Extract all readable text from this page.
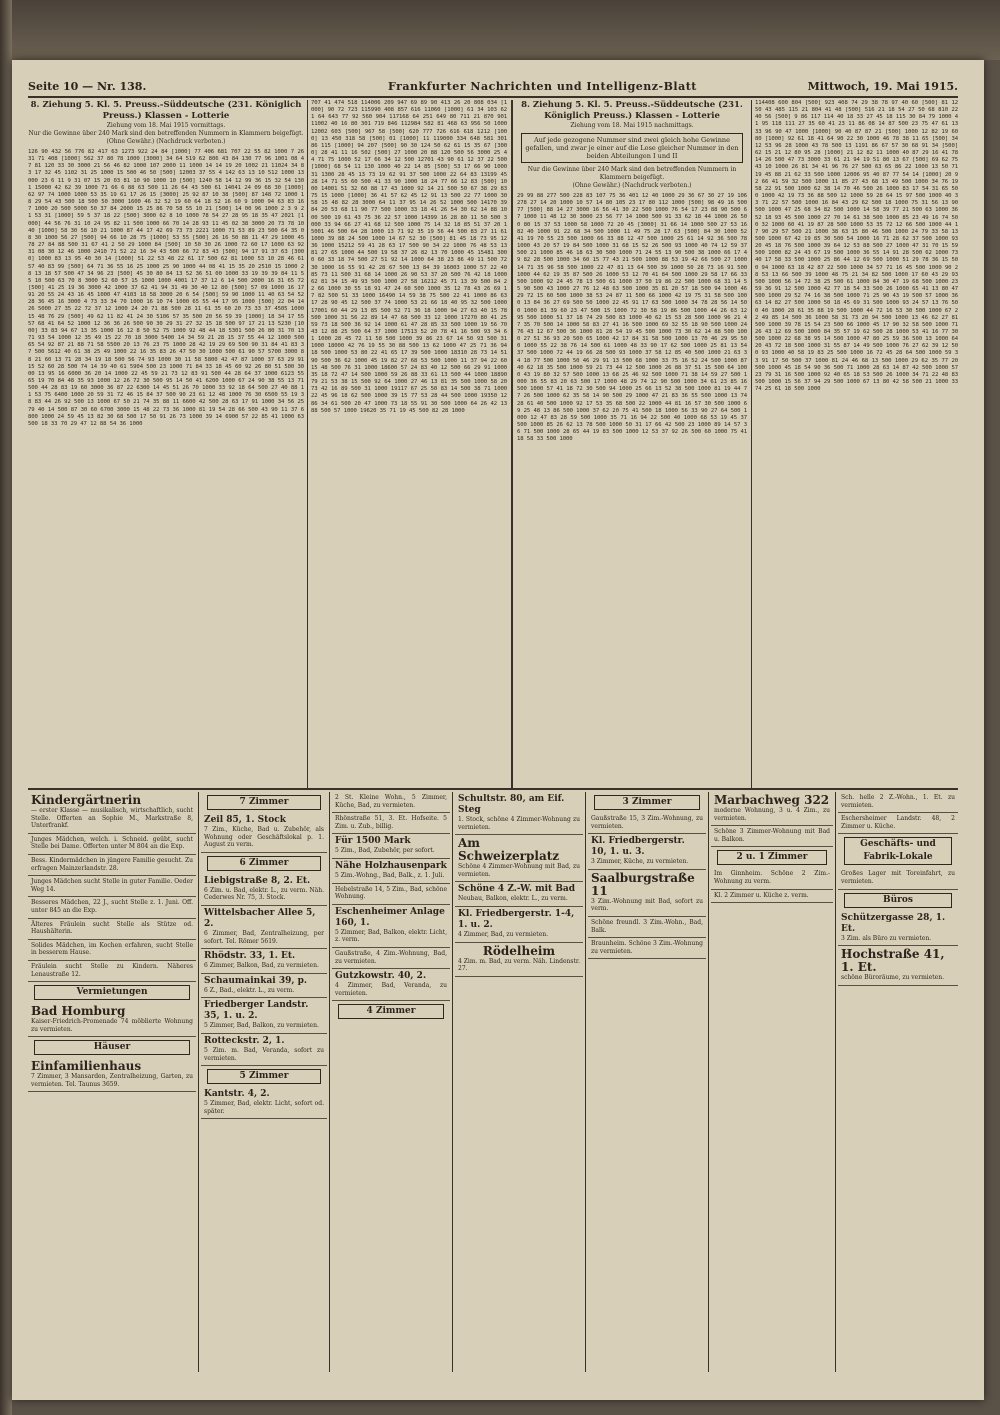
Seite 10 — Nr. 138.	Frankfurter Nachrichten und Intelligenz-Blatt	Mittwoch, 19. Mai 1915.
8. Ziehung 5. Kl. 5. Preuss.-Süddeutsche (231. Königlich Preuss.) Klassen - Lotterie
Ziehung vom 18. Mai 1915 vormittags.
Nur die Gewinne über 240 Mark sind den betreffenden Nummern in Klammern beigefügt.
(Ohne Gewähr.) (Nachdruck verboten.)
126 90 432 56 776 82 417 63 1273 922 24 84 [1000] 77 406 681 707 22 55 82 1000 7 26 31 71 408 [1000] 562 37 80 78 1000 [3000] 34 64 519 62 806 43 84 130 77 96 1001 08 47 81 120 33 30 3000 21 56 46 82 1000 107 2000 11 1000 14 14 19 20 1002 21 11024 34 83 17 32 45 1102 31 25 1000 15 500 46 50 [500] 12003 37 55 4 142 63 13 10 512 1000 13000 23 6 11 9 31 07 15 20 03 81 10 90 1000 10 [500] 1240 58 14 12 99 36 15 32 54 1301 15000 42 62 39 1000 71 66 6 88 63 500 11 26 64 43 500 61 14041 24 09 68 30 [1000] 62 97 74 1000 1000 53 35 19 61 17 26 15 [3000] 25 92 87 10 38 [500] 87 148 72 1000 18 29 54 43 500 18 500 50 3000 1600 46 32 52 19 60 64 18 52 16 60 9 1000 94 63 83 16 7 1000 20 500 5000 50 37 84 2000 15 25 86 70 58 55 10 21 [500] 14 00 96 1000 2 3 9 21 53 31 [1000] 59 5 37 18 22 [500] 3000 62 8 10 1000 78 54 27 28 95 18 35 47 2021 [1000] 44 56 76 31 10 24 95 82 11 500 1000 66 70 14 28 93 11 45 02 38 3000 20 73 78 10 40 [1000] 58 30 58 10 21 1000 87 44 17 42 69 73 73 2221 1000 71 53 89 23 500 64 35 08 30 1000 56 27 [500] 94 66 10 28 75 [1000] 53 55 [500] 26 16 50 88 11 47 29 1000 45 78 27 84 88 500 31 67 41 2 50 29 1000 84 [500] 10 50 30 26 1000 72 60 17 1000 63 92 31 08 30 12 46 1000 2410 71 52 22 16 34 43 500 66 72 83 43 [500] 94 17 91 37 63 [3000] 1000 83 13 95 40 30 14 [1000] 51 22 53 48 22 61 17 500 62 81 1000 53 10 28 46 61 57 40 83 99 [500] 64 71 36 55 16 25 1000 25 90 1000 44 08 41 15 35 20 2510 15 1000 28 13 18 57 500 47 34 96 23 [500] 45 30 80 84 13 52 36 51 00 1000 33 19 39 39 84 11 55 10 500 63 70 8 3000 52 60 57 15 1000 1000 4001 17 37 12 6 14 500 2000 16 31 65 72 [500] 41 25 19 36 3000 42 1000 37 62 41 94 31 49 30 40 12 80 [500] 57 09 1000 16 17 91 20 55 24 43 16 45 1000 47 4103 18 58 3000 20 6 54 [500] 59 90 1000 11 40 63 54 52 28 36 45 16 3000 4 73 33 34 70 1000 16 10 74 1000 65 55 44 17 95 1000 [500] 22 04 14 26 5000 27 35 22 72 37 12 1000 24 20 71 88 500 28 11 61 35 60 20 73 33 37 4505 1000 15 48 76 29 [500] 49 62 11 82 41 24 30 5106 57 35 500 20 56 59 39 [1000] 18 34 17 55 57 68 41 64 52 1000 12 36 36 26 500 90 30 29 31 27 32 15 18 500 97 17 21 13 5230 [1000] 33 83 94 67 13 35 1000 16 12 8 50 52 75 1000 92 48 44 18 5301 500 26 80 31 70 13 71 93 54 1000 12 35 49 15 22 70 18 3000 5400 14 34 59 21 28 15 37 55 44 12 1000 500 65 54 92 87 21 88 71 58 5500 20 13 76 23 75 1000 28 42 19 29 69 500 90 31 84 41 83 37 500 5612 40 61 38 25 49 1000 22 16 35 83 26 47 50 30 1000 500 61 90 57 5700 3000 88 21 60 13 71 28 34 19 18 500 56 74 93 1000 30 11 58 5800 42 47 87 1000 37 63 29 91 15 52 60 28 500 74 14 39 40 61 5904 500 23 1000 71 84 33 18 45 60 92 26 80 51 500 3000 13 95 16 6000 36 20 14 1000 22 45 59 21 73 12 83 91 500 44 28 64 37 1000 6123 55 65 19 70 84 48 35 93 1000 12 26 72 30 500 95 14 50 41 6200 1000 67 24 90 38 55 13 71 500 44 28 83 19 60 3000 36 87 22 6300 14 45 51 26 70 1000 33 92 18 64 500 27 40 88 11 53 75 6400 1000 20 59 31 72 46 15 84 37 500 90 23 61 12 48 1000 76 30 6500 55 19 38 83 44 26 92 500 13 1000 67 50 21 74 35 88 11 6600 42 500 28 63 17 91 1000 34 56 25 79 40 14 500 87 30 60 6700 3000 15 48 22 73 36 1000 81 19 54 28 66 500 43 90 11 37 6800 1000 24 59 45 13 82 30 68 500 17 50 91 26 73 1000 39 14 6900 57 22 85 41 1000 63 500 18 33 70 29 47 12 88 54 36 1000
707 41 474 518 114006 209 947 69 89 90 413 26 20 808 034 [1000] 90 72 723 115990 408 857 616 11060 [1000] 61 34 103 621 64 643 77 92 560 904 117168 64 251 649 80 711 21 870 901 11002 40 16 80 301 719 846 112984 582 81 468 63 956 50 1000 12002 603 [500] 967 58 [500] 620 777 726 616 618 1212 [1000] 13 450 318 58 [500] 01 [1000] 11 119000 334 648 581 301 86 115 [1000] 94 207 [500] 90 30 124 50 62 61 15 35 67 [3000] 28 41 11 16 502 [500] 27 1000 20 88 120 500 56 3000 25 44 71 75 1000 52 17 66 34 12 500 12701 43 90 61 12 37 22 500 [1000] 68 54 11 130 1000 40 22 14 85 [500] 53 17 66 90 1000 31 1300 28 45 13 73 19 62 91 37 500 1000 22 64 83 13199 45 28 14 71 55 60 500 41 33 90 1000 18 24 77 66 12 83 [500] 1000 14001 51 32 60 88 17 43 1000 92 14 21 500 50 67 38 29 83 75 15 1000 [1000] 36 41 57 62 45 12 91 13 500 22 77 1000 30 58 15 48 82 28 3000 64 11 37 95 14 26 52 1000 500 14170 39 84 20 53 68 11 90 77 500 1000 33 18 41 26 54 30 62 14 88 1000 500 19 61 43 75 36 22 57 1000 14399 16 28 80 11 50 500 3000 33 94 66 27 41 68 12 500 1000 75 14 32 18 85 51 37 20 15001 46 500 64 28 1000 13 71 92 35 19 56 44 500 83 27 11 61 1000 39 88 24 500 1000 14 67 52 30 [500] 81 45 18 73 95 12 36 1000 15212 59 41 28 63 17 500 90 34 22 1000 76 48 53 13 81 27 65 1000 44 500 19 58 37 26 82 13 70 1000 45 15481 3000 60 33 18 74 500 27 51 92 14 1000 64 38 23 86 49 11 500 72 30 1000 16 55 91 42 28 67 500 13 84 39 16003 1000 57 22 40 85 73 11 500 31 68 14 1000 26 90 53 37 20 500 76 42 18 1000 62 81 34 15 49 93 500 1000 27 58 16212 45 71 13 39 500 84 22 66 1000 30 55 18 91 47 24 60 500 1000 35 12 78 43 26 69 17 82 500 51 33 1000 16490 14 59 38 75 500 22 41 1000 86 63 17 28 90 45 12 500 37 74 1000 53 21 66 18 40 95 32 500 1000 17001 60 44 29 13 85 500 52 71 36 18 1000 94 27 63 40 15 78 500 1000 31 56 22 89 14 47 68 500 33 12 1000 17270 80 41 25 59 73 18 500 36 92 14 1000 61 47 28 85 33 500 1000 19 56 70 43 12 88 25 500 64 37 1000 17513 52 20 78 41 16 500 93 34 61 1000 28 45 72 11 58 500 1000 39 86 23 67 14 50 93 500 31 1000 18000 42 76 19 55 30 88 500 13 62 1000 47 25 71 36 94 18 500 1000 53 80 22 41 65 17 39 500 1000 18310 28 73 14 51 90 500 36 62 1000 45 19 82 27 68 53 500 1000 11 37 94 22 60 15 48 500 76 31 1000 18600 57 24 83 40 12 500 66 29 91 1000 35 18 72 47 14 500 1000 59 26 88 33 61 13 500 44 1000 18890 79 21 53 38 15 500 92 64 1000 27 46 13 81 35 500 1000 58 20 73 42 16 89 500 31 1000 19117 67 25 50 83 14 500 38 71 1000 22 45 96 18 62 500 1000 39 15 77 53 28 44 500 1000 19350 12 86 34 61 500 20 47 1000 73 18 55 91 30 500 1000 64 26 42 13 88 500 57 1000 19620 35 71 19 45 500 82 28 1000
8. Ziehung 5. Kl. 5. Preuss.-Süddeutsche (231. Königlich Preuss.) Klassen - Lotterie
Ziehung vom 18. Mai 1915 nachmittags.
Auf jede gezogene Nummer sind zwei gleich hohe Gewinne gefallen, und zwar je einer auf die Lose gleicher Nummer in den beiden Abteilungen I und II
Nur die Gewinne über 240 Mark sind den betreffenden Nummern in Klammern beigefügt.
(Ohne Gewähr.) (Nachdruck verboten.)
29 99 88 277 500 228 83 107 75 36 401 12 40 1000 29 36 67 30 27 19 106 278 27 14 20 1000 10 57 14 80 105 23 17 80 112 1000 [500] 98 49 16 500 77 [500] 88 14 27 3000 16 56 41 30 22 500 1000 76 54 17 23 88 90 500 67 1000 11 48 12 30 3000 23 56 77 14 1000 500 91 33 62 18 44 1000 26 500 80 15 37 53 1000 58 1000 72 20 45 [3000] 31 66 14 1000 500 27 53 16 82 40 1000 91 22 68 34 500 1000 11 49 75 28 17 63 [500] 84 30 1000 52 41 19 70 55 23 500 1000 66 33 88 12 47 500 1000 25 61 14 92 36 500 78 1000 43 20 57 19 84 500 1000 31 68 15 52 26 500 93 1000 40 74 12 59 37 500 21 1000 85 46 18 63 30 500 1000 71 24 55 13 90 500 38 1000 66 17 49 82 28 500 1000 34 60 15 77 43 21 500 1000 88 53 19 42 66 500 27 1000 14 71 35 96 58 500 1000 22 47 81 13 64 500 39 1000 50 28 73 16 91 500 1000 44 62 19 35 87 500 26 1000 53 12 70 41 84 500 1000 29 58 17 66 33 500 1000 92 24 45 78 13 500 61 1000 37 50 19 86 22 500 1000 68 31 14 55 90 500 43 1000 27 76 12 48 63 500 1000 35 81 20 57 18 500 94 1000 46 29 72 15 60 500 1000 38 53 24 87 11 500 66 1000 42 19 75 31 58 500 1000 13 84 36 27 69 500 50 1000 22 45 91 17 63 500 1000 34 78 28 56 14 500 1000 81 39 60 23 47 500 15 1000 72 30 58 19 86 500 1000 44 26 63 12 95 500 1000 51 37 18 74 29 500 83 1000 40 62 15 53 28 500 1000 96 21 47 35 70 500 14 1000 58 83 27 41 16 500 1000 69 32 55 18 90 500 1000 24 76 43 12 67 500 36 1000 81 28 54 19 45 500 1000 73 30 62 14 88 500 1000 27 51 36 93 20 500 65 1000 42 17 84 31 58 500 1000 13 70 46 29 95 500 1000 55 22 38 76 14 500 61 1000 48 33 90 17 62 500 1000 25 81 13 54 37 500 1000 72 44 19 66 28 500 93 1000 37 58 12 85 40 500 1000 21 63 34 18 77 500 1000 50 46 29 91 13 500 68 1000 33 75 16 52 24 500 1000 87 40 62 18 35 500 1000 59 21 73 44 12 500 1000 26 88 37 51 15 500 64 1000 43 19 80 32 57 500 1000 13 68 25 46 92 500 1000 71 38 14 59 27 500 1000 36 55 83 20 63 500 17 1000 48 29 74 12 90 500 1000 34 61 23 85 16 500 1000 57 41 18 72 30 500 94 1000 25 66 13 52 38 500 1000 81 19 44 77 26 500 1000 62 35 58 14 90 500 29 1000 47 21 83 36 55 500 1000 13 74 28 61 40 500 1000 92 17 53 35 68 500 22 1000 44 81 16 57 30 500 1000 69 25 48 13 86 500 1000 37 62 20 75 41 500 18 1000 56 33 90 27 64 500 1000 12 47 83 28 59 500 1000 35 71 16 94 22 500 40 1000 68 53 19 45 37 500 1000 85 26 62 13 78 500 1000 50 31 17 66 42 500 23 1000 89 14 57 36 71 500 1000 28 65 44 19 83 500 1000 12 53 37 92 26 500 60 1000 75 41 18 58 33 500 1000
114408 600 804 [500] 923 408 74 29 38 78 97 40 60 [500] 81 12 50 43 485 115 21 804 41 48 [500] 516 21 18 54 27 50 68 810 22 40 56 [500] 9 86 117 114 40 18 33 27 45 18 115 30 84 79 1000 41 95 118 111 27 35 60 41 23 11 86 08 14 87 500 23 75 47 61 13 33 96 90 47 1000 [1000] 90 40 87 87 21 [500] 1000 12 82 19 60 80 [1000] 92 61 18 41 64 90 22 30 1000 46 78 38 11 65 [500] 34 12 53 96 28 1000 43 78 500 13 1191 86 67 57 30 68 91 34 [500] 62 15 21 12 80 95 28 [1000] 21 12 82 11 1000 40 87 29 16 41 78 14 26 500 47 73 3000 33 61 21 94 19 51 80 13 67 [500] 69 62 75 43 10 1000 26 81 34 41 96 76 27 500 63 65 86 22 1000 13 50 71 19 45 88 21 62 33 500 1000 12006 95 40 87 77 54 14 [1000] 20 92 66 41 59 32 500 1000 11 85 27 43 68 13 49 500 1000 34 76 19 58 22 91 500 1000 62 38 14 70 46 500 26 1000 83 17 54 31 65 500 1000 42 19 73 36 88 500 12 1000 59 28 64 15 97 500 1000 40 33 71 22 57 500 1000 16 84 43 29 62 500 18 1000 75 31 56 13 90 500 1000 47 25 68 34 82 500 1000 14 58 39 77 21 500 63 1000 36 52 18 93 45 500 1000 27 70 14 61 38 500 1000 85 23 49 16 74 500 32 1000 60 41 19 87 28 500 1000 53 35 72 12 66 500 1000 44 17 90 29 57 500 21 1000 38 63 15 80 46 500 1000 24 79 33 58 13 500 1000 67 42 19 85 30 500 54 1000 16 71 28 62 37 500 1000 93 20 45 18 76 500 1000 39 64 12 53 88 500 27 1000 47 31 70 15 59 500 1000 82 24 43 67 19 500 1000 36 55 14 91 28 500 62 1000 73 40 17 58 33 500 1000 25 86 44 12 69 500 1000 51 29 78 36 15 500 94 1000 63 18 42 87 22 500 1000 34 57 71 16 45 500 1000 90 28 53 13 66 500 39 1000 48 75 21 34 82 500 1000 17 60 43 29 93 500 1000 56 14 72 38 25 500 61 1000 84 30 47 19 68 500 1000 23 59 36 91 12 500 1000 42 77 18 54 33 500 26 1000 65 41 13 80 47 500 1000 29 52 74 16 38 500 1000 71 25 90 43 19 500 57 1000 36 63 14 82 27 500 1000 50 18 45 69 31 500 1000 93 24 57 13 76 500 40 1000 28 61 35 88 19 500 1000 44 72 16 53 30 500 1000 67 22 49 85 14 500 36 1000 58 31 73 20 94 500 1000 13 46 62 27 81 500 1000 39 78 15 54 23 500 66 1000 45 17 90 32 58 500 1000 71 26 43 12 69 500 1000 84 35 57 19 62 500 28 1000 53 41 16 77 30 500 1000 22 68 38 95 14 500 1000 47 80 25 59 36 500 13 1000 64 20 43 72 18 500 1000 31 55 87 14 49 500 1000 76 27 62 39 12 500 93 1000 40 58 19 83 25 500 1000 16 72 45 28 64 500 1000 59 33 91 17 50 500 37 1000 81 24 46 68 13 500 1000 29 62 35 77 20 500 1000 45 18 54 90 36 500 71 1000 28 63 14 87 42 500 1000 57 23 79 31 16 500 1000 92 40 65 18 53 500 26 1000 34 71 22 48 83 500 1000 15 56 37 94 29 500 1000 67 13 80 42 58 500 21 1000 33 74 25 61 18 500 1000
Kindergärtnerin
— erster Klasse — musikalisch, wirtschaftlich, sucht Stelle. Offerten an Sophie M., Markstraße 8, Unterfrankf.
Junges Mädchen, welch. i. Schneid. geübt, sucht Stelle bei Dame. Offerten unter M 804 an die Exp.
Bess. Kindermädchen in jüngere Familie gesucht. Zu erfragen Mainzerlandstr. 28.
Junges Mädchen sucht Stelle in guter Familie. Oeder Weg 14.
Besseres Mädchen, 22 J., sucht Stelle z. 1. Juni. Off. unter 845 an die Exp.
Älteres Fräulein sucht Stelle als Stütze od. Haushälterin.
Solides Mädchen, im Kochen erfahren, sucht Stelle in besserem Hause.
Fräulein sucht Stelle zu Kindern. Näheres Lenaustraße 12.
Vermietungen
Bad Homburg
Kaiser-Friedrich-Promenade 74 möblierte Wohnung zu vermieten.
Häuser
Einfamilienhaus
7 Zimmer, 3 Mansarden, Zentralheizung, Garten, zu vermieten. Tel. Taunus 3659.
7 Zimmer
Zeil 85, 1. Stock
7 Zim., Küche, Bad u. Zubehör, als Wohnung oder Geschäftslokal p. 1. August zu verm.
6 Zimmer
Liebigstraße 8, 2. Et.
6 Zim. u. Bad, elektr. L., zu verm. Näh. Cederwes Nr. 75, 3. Stock.
Wittelsbacher Allee 5, 2.
6 Zimmer, Bad, Zentralheizung, per sofort. Tel. Römer 5619.
Rhödstr. 33, 1. Et.
6 Zimmer, Balkon, Bad, zu vermieten.
Schaumainkai 39, p.
6 Z., Bad., elektr. L., zu verm.
Friedberger Landstr. 35, 1. u. 2.
5 Zimmer, Bad, Balkon, zu vermieten.
Rotteckstr. 2, 1.
5 Zim. m. Bad, Veranda, sofort zu vermieten.
5 Zimmer
Kantstr. 4, 2.
5 Zimmer, Bad, elektr. Licht, sofort od. später.
2 St. Kleine Wohn., 5 Zimmer, Küche, Bad, zu vermieten.
Rhönstraße 51, 3. Et. Hofseite. 5 Zim. u. Zub., billig.
Für 1500 Mark
5 Zim., Bad, Zubehör, per sofort.
Nähe Holzhausenpark
5 Zim.-Wohng., Bad, Balk., z. 1. Juli.
Hebelstraße 14, 5 Zim., Bad, schöne Wohnung.
Eschenheimer Anlage 160, 1.
5 Zimmer, Bad, Balkon, elektr. Licht, z. verm.
Gaußstraße, 4 Zim.-Wohnung, Bad, zu vermieten.
Gutzkowstr. 40, 2.
4 Zimmer, Bad, Veranda, zu vermieten.
4 Zimmer
Schultstr. 80, am Eif. Steg
1. Stock, schöne 4 Zimmer-Wohnung zu vermieten.
Am Schweizerplatz
Schöne 4 Zimmer-Wohnung mit Bad, zu vermieten.
Schöne 4 Z.-W. mit Bad
Neubau, Balkon, elektr. L., zu verm.
Kl. Friedbergerstr. 1-4, 1. u. 2.
4 Zimmer, Bad, zu vermieten.
Rödelheim
4 Zim. m. Bad, zu verm. Näh. Lindenstr. 27.
3 Zimmer
Gaußstraße 15, 3 Zim.-Wohnung, zu vermieten.
Kl. Friedbergerstr. 10, 1. u. 3.
3 Zimmer, Küche, zu vermieten.
Saalburgstraße 11
3 Zim.-Wohnung mit Bad, sofort zu verm.
Schöne freundl. 3 Zim.-Wohn., Bad, Balk.
Braunheim. Schöne 3 Zim.-Wohnung zu vermieten.
Marbachweg 322
moderne Wohnung, 3 u. 4 Zim., zu vermieten.
Schöne 3 Zimmer-Wohnung mit Bad u. Balkon.
2 u. 1 Zimmer
Im Ginnheim. Schöne 2 Zim.-Wohnung zu verm.
Kl. 2 Zimmer u. Küche z. verm.
Sch. helle 2 Z.-Wohn., 1. Et. zu vermieten.
Eschersheimer Landstr. 48, 2 Zimmer u. Küche.
Geschäfts- und Fabrik-Lokale
Großes Lager mit Toreinfahrt, zu vermieten.
Büros
Schützergasse 28, 1. Et.
3 Zim. als Büro zu vermieten.
Hochstraße 41, 1. Et.
schöne Büroräume, zu vermieten.
